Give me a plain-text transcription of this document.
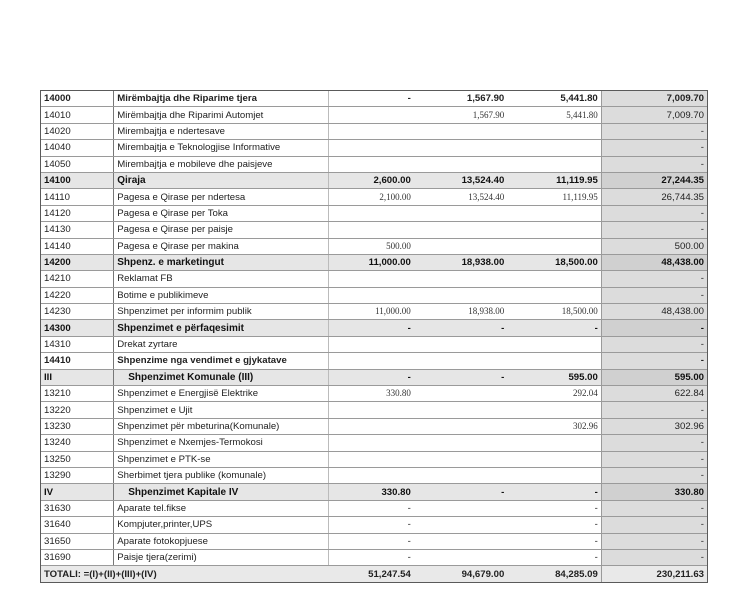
14000	Mirëmbajtja dhe Riparime tjera	-	1,567.90	5,441.80	7,009.70
14010	Mirëmbajtja dhe Riparimi Automjet		1,567.90	5,441.80	7,009.70
14020	Mirembajtja e ndertesave				-
14040	Mirembajtja e Teknologjise Informative				-
14050	Mirembajtja e mobileve dhe paisjeve				-
14100	Qiraja	2,600.00	13,524.40	11,119.95	27,244.35
14110	Pagesa e Qirase per ndertesa	2,100.00	13,524.40	11,119.95	26,744.35
14120	Pagesa e Qirase per Toka				-
14130	Pagesa e Qirase per paisje				-
14140	Pagesa e Qirase per makina	500.00			500.00
14200	Shpenz. e marketingut	11,000.00	18,938.00	18,500.00	48,438.00
14210	Reklamat FB				-
14220	Botime e publikimeve				-
14230	Shpenzimet per informim publik	11,000.00	18,938.00	18,500.00	48,438.00
14300	Shpenzimet e përfaqesimit	-	-	-	-
14310	Drekat zyrtare				-
14410	Shpenzime nga vendimet e gjykatave				-
III	Shpenzimet Komunale (III)	-	-	595.00	595.00
13210	Shpenzimet e Energjisë Elektrike	330.80		292.04	622.84
13220	Shpenzimet e Ujit				-
13230	Shpenzimet për mbeturina(Komunale)			302.96	302.96
13240	Shpenzimet e Nxemjes-Termokosi				-
13250	Shpenzimet e PTK-se				-
13290	Sherbimet tjera publike (komunale)				-
IV	Shpenzimet Kapitale IV	330.80	-	-	330.80
31630	Aparate tel.fikse	-		-	-
31640	Kompjuter,printer,UPS	-		-	-
31650	Aparate fotokopjuese	-		-	-
31690	Paisje tjera(zerimi)	-		-	-
TOTALI: =(I)+(II)+(III)+(IV)		51,247.54	94,679.00	84,285.09	230,211.63
